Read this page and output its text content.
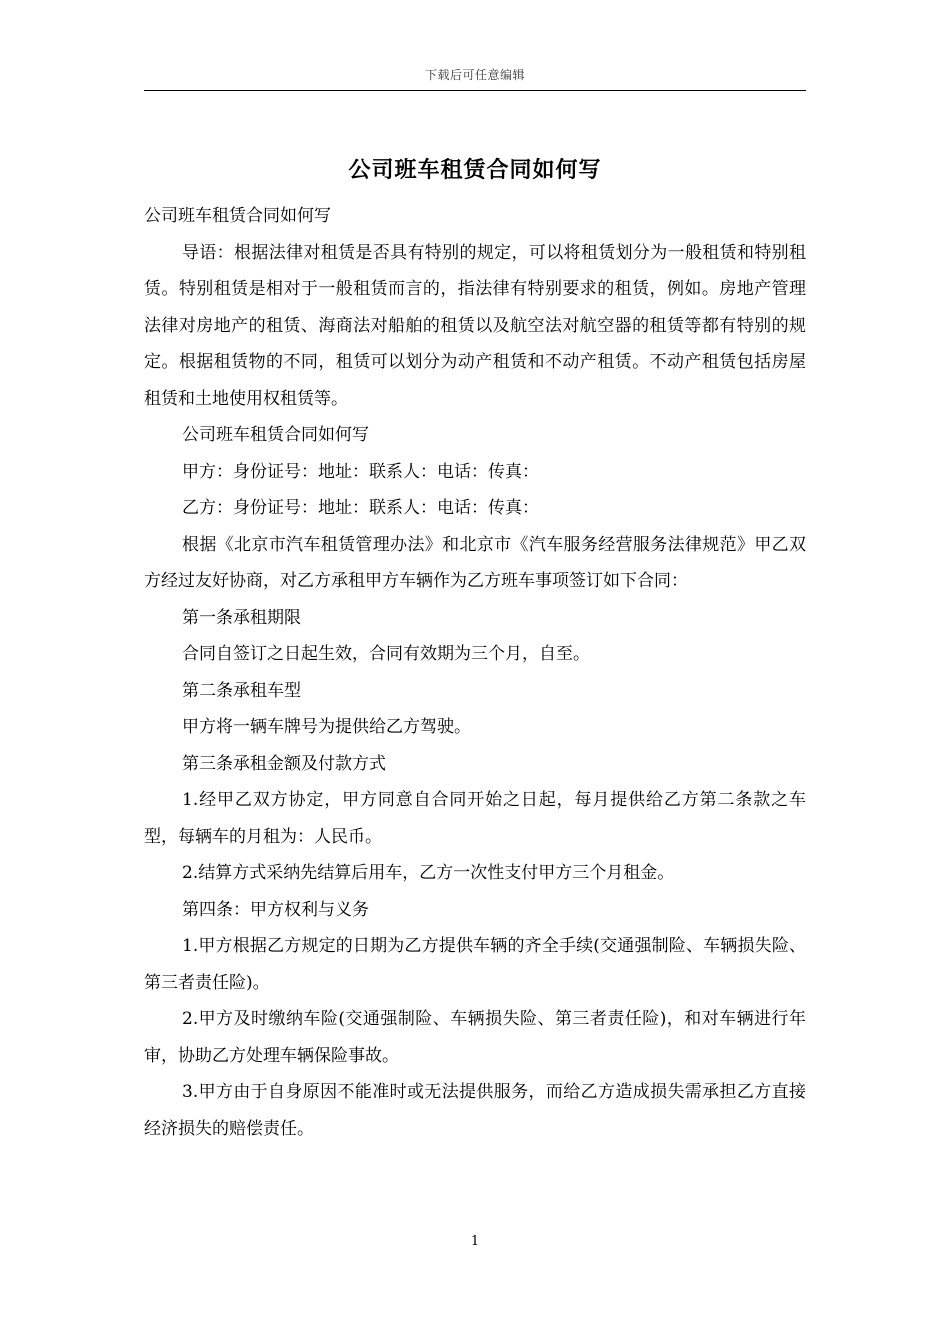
下载后可任意编辑
公司班车租赁合同如何写

公司班车租赁合同如何写

导语：根据法律对租赁是否具有特别的规定，可以将租赁划分为一般租赁和特别租赁。特别租赁是相对于一般租赁而言的，指法律有特别要求的租赁，例如。房地产管理法律对房地产的租赁、海商法对船舶的租赁以及航空法对航空器的租赁等都有特别的规定。根据租赁物的不同，租赁可以划分为动产租赁和不动产租赁。不动产租赁包括房屋租赁和土地使用权租赁等。

公司班车租赁合同如何写

甲方：身份证号：地址：联系人：电话：传真：

乙方：身份证号：地址：联系人：电话：传真：

根据《北京市汽车租赁管理办法》和北京市《汽车服务经营服务法律规范》甲乙双方经过友好协商，对乙方承租甲方车辆作为乙方班车事项签订如下合同：

第一条承租期限

合同自签订之日起生效，合同有效期为三个月，自至。

第二条承租车型

甲方将一辆车牌号为提供给乙方驾驶。

第三条承租金额及付款方式

1.经甲乙双方协定，甲方同意自合同开始之日起，每月提供给乙方第二条款之车型，每辆车的月租为：人民币。

2.结算方式采纳先结算后用车，乙方一次性支付甲方三个月租金。

第四条：甲方权利与义务

1.甲方根据乙方规定的日期为乙方提供车辆的齐全手续(交通强制险、车辆损失险、第三者责任险)。

2.甲方及时缴纳车险(交通强制险、车辆损失险、第三者责任险)，和对车辆进行年审，协助乙方处理车辆保险事故。

3.甲方由于自身原因不能准时或无法提供服务，而给乙方造成损失需承担乙方直接经济损失的赔偿责任。

1
